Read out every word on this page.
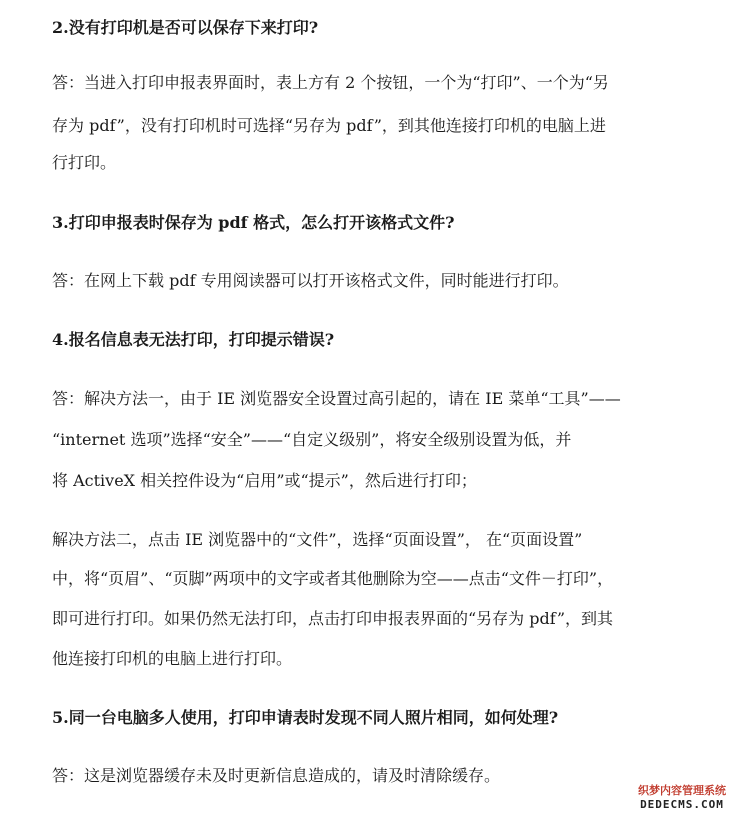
2.没有打印机是否可以保存下来打印?

答：当进入打印申报表界面时，表上方有 2 个按钮，一个为“打印”、一个为“另

存为 pdf”，没有打印机时可选择“另存为 pdf”，到其他连接打印机的电脑上进

行打印。

3.打印申报表时保存为 pdf 格式，怎么打开该格式文件?

答：在网上下载 pdf 专用阅读器可以打开该格式文件，同时能进行打印。

4.报名信息表无法打印，打印提示错误?

答：解决方法一，由于 IE 浏览器安全设置过高引起的，请在 IE 菜单“工具”——

“internet 选项”选择“安全”——“自定义级别”，将安全级别设置为低，并

将 ActiveX 相关控件设为“启用”或“提示”，然后进行打印；

解决方法二，点击 IE 浏览器中的“文件”，选择“页面设置”， 在“页面设置”

中，将“页眉”、“页脚”两项中的文字或者其他删除为空——点击“文件－打印”，

即可进行打印。如果仍然无法打印，点击打印申报表界面的“另存为 pdf”，到其

他连接打印机的电脑上进行打印。

5.同一台电脑多人使用，打印申请表时发现不同人照片相同，如何处理?

答：这是浏览器缓存未及时更新信息造成的，请及时清除缓存。

织梦内容管理系统
DEDECMS.COM
